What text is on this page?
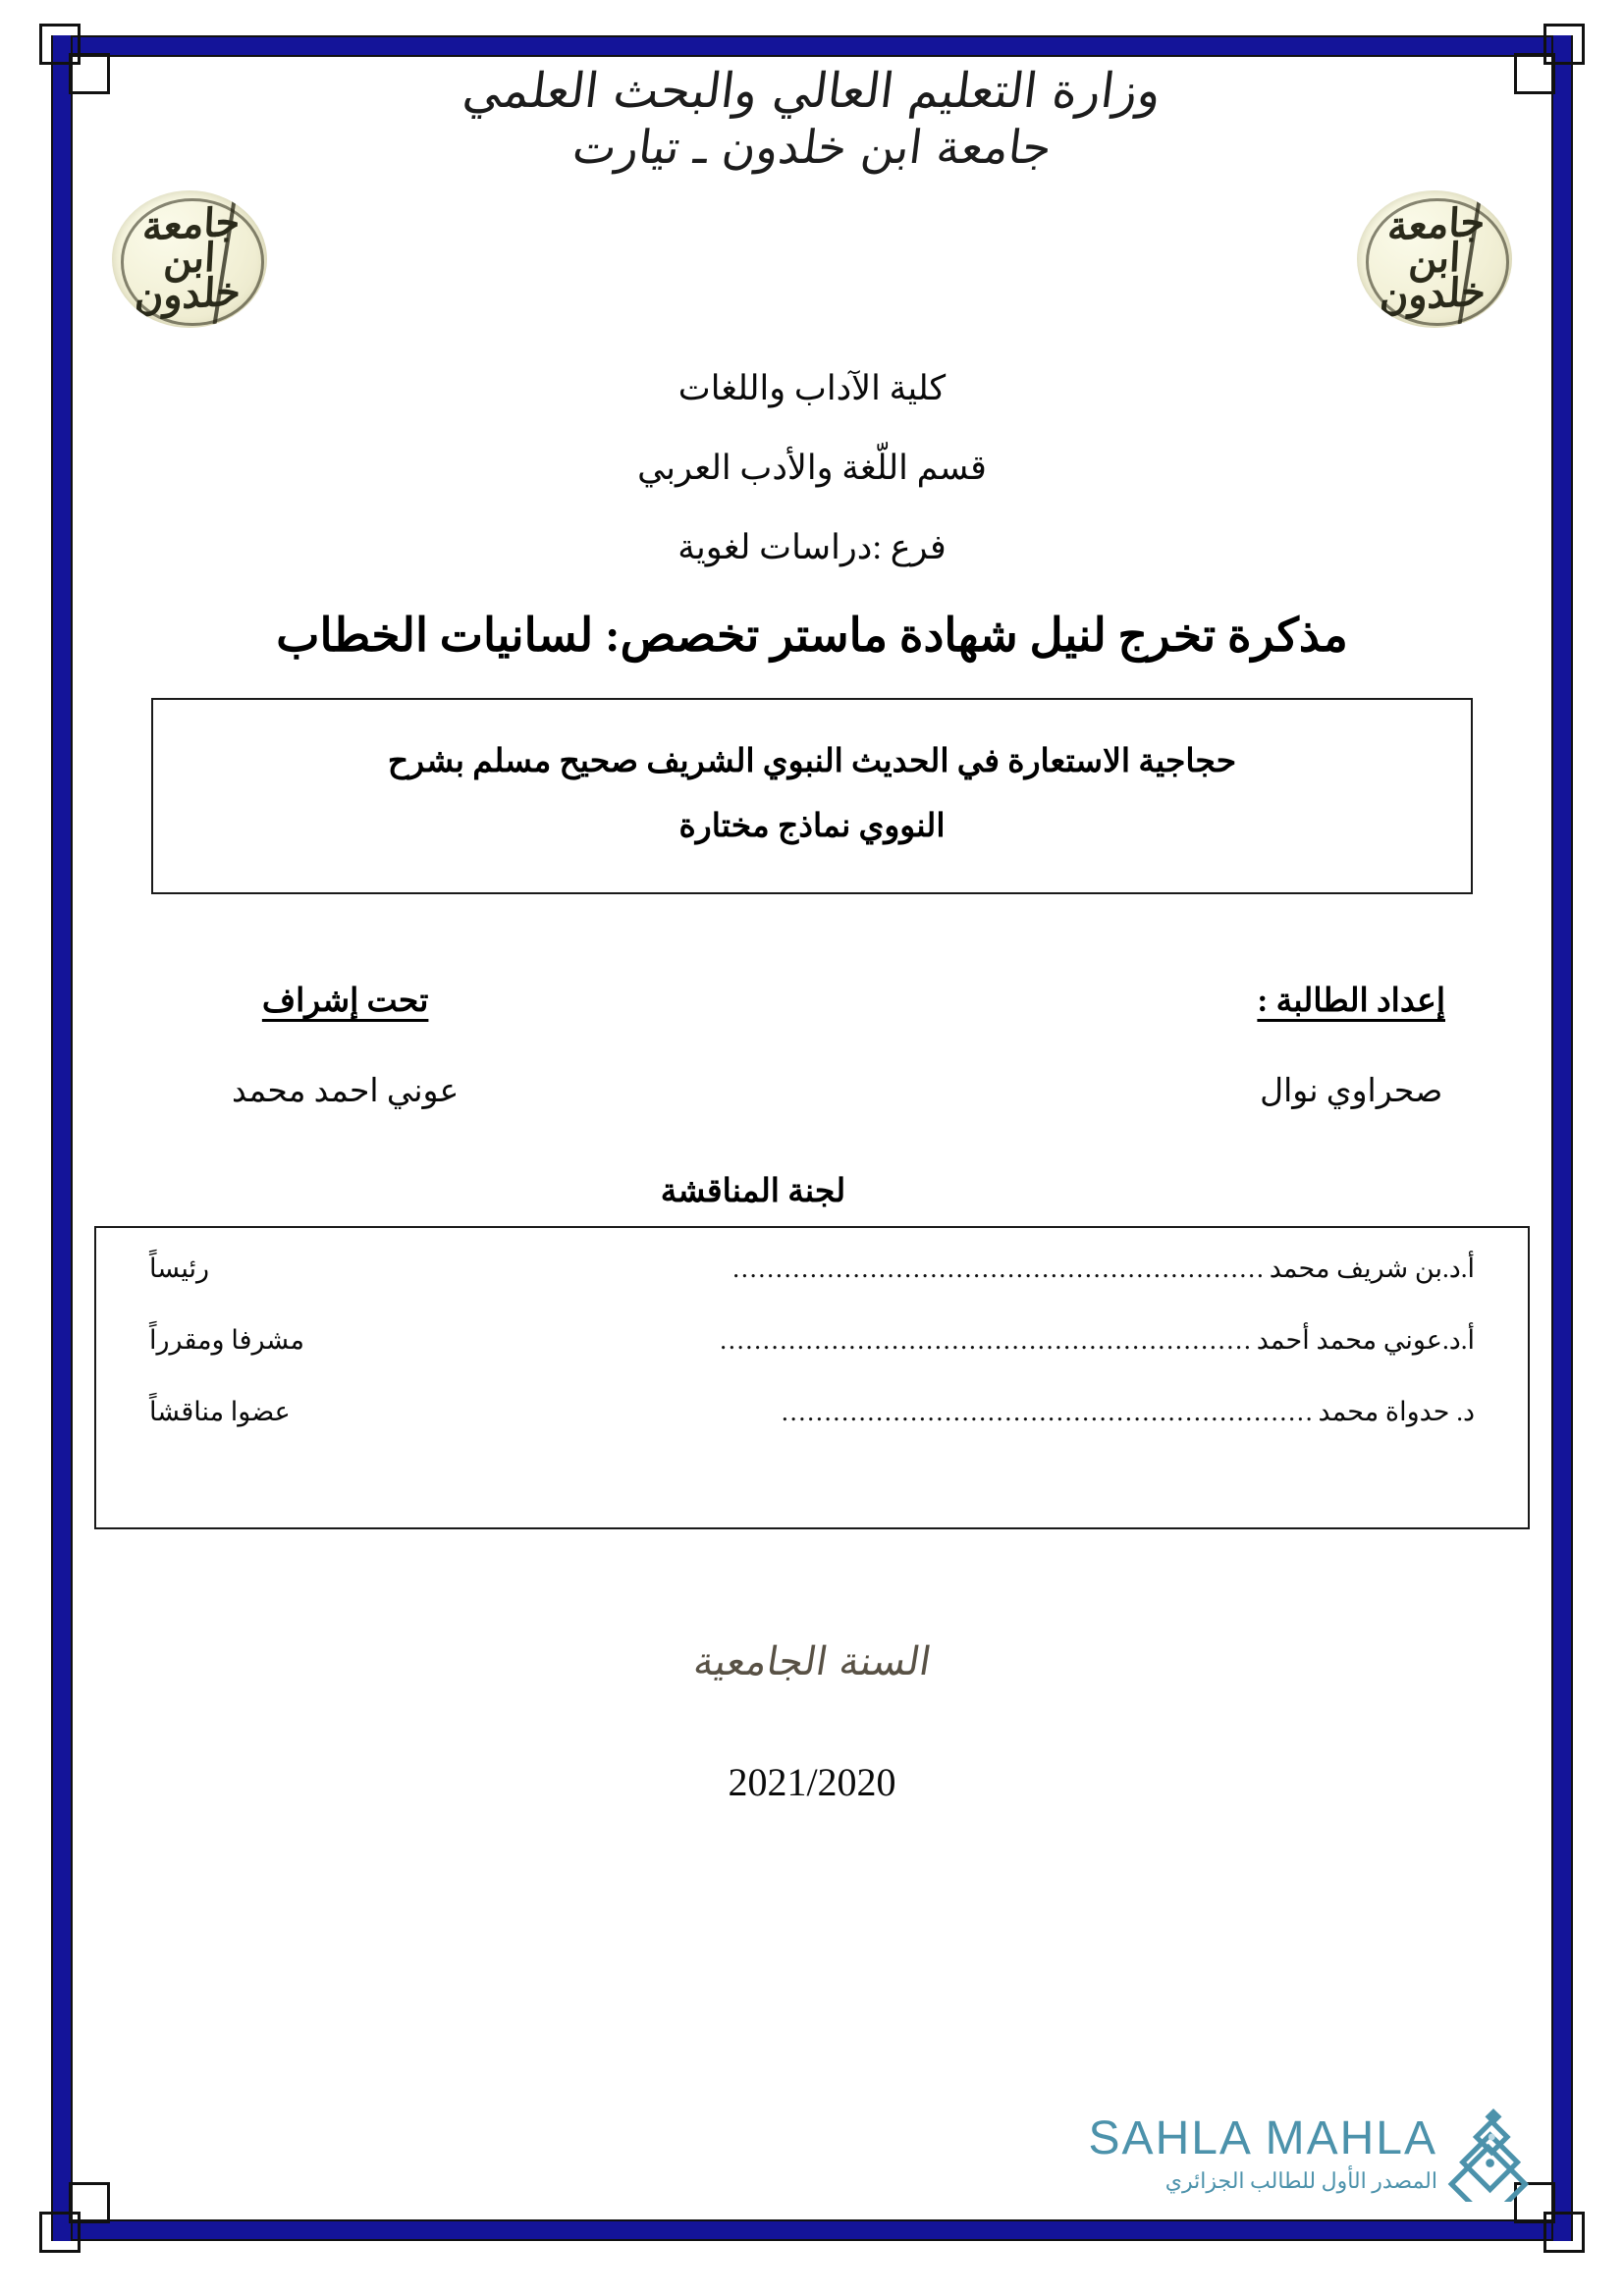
جامعة ابن خلدون
جامعة ابن خلدون
وزارة التعليم العالي والبحث العلمي
جامعة ابن خلدون ـ تيارت
كلية الآداب واللغات
قسم اللّغة والأدب العربي
فرع :دراسات لغوية
مذكرة تخرج لنيل شهادة ماستر تخصص: لسانيات الخطاب
حجاجية الاستعارة في الحديث النبوي الشريف صحيح مسلم بشرح
النووي نماذج مختارة
إعداد الطالبة :
صحراوي نوال
تحت إشراف
عوني احمد محمد
لجنة المناقشة
أ.د.بن شريف محمد
..............................................................
رئيساً
أ.د.عوني محمد أحمد
..............................................................
مشرفا ومقرراً
د. حدواة محمد
..............................................................
عضوا مناقشاً
السنة الجامعية
2021/2020
SAHLA MAHLA
المصدر الأول للطالب الجزائري
